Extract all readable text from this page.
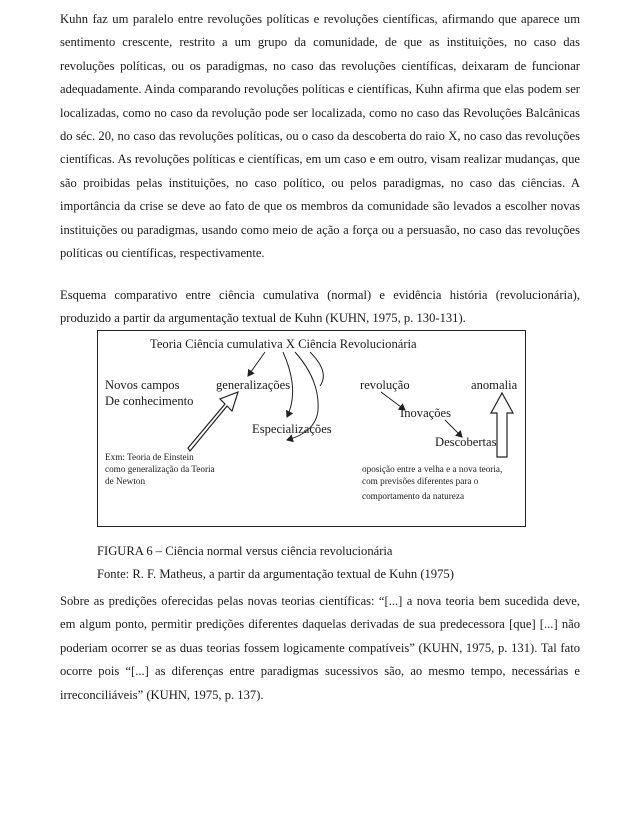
Kuhn faz um paralelo entre revoluções políticas e revoluções científicas, afirmando que aparece um sentimento crescente, restrito a um grupo da comunidade, de que as instituições, no caso das revoluções políticas, ou os paradigmas, no caso das revoluções científicas, deixaram de funcionar adequadamente. Ainda comparando revoluções políticas e científicas, Kuhn afirma que elas podem ser localizadas, como no caso da revolução pode ser localizada, como no caso das Revoluções Balcânicas do séc. 20, no caso das revoluções políticas, ou o caso da descoberta do raio X, no caso das revoluções científicas. As revoluções políticas e científicas, em um caso e em outro, visam realizar mudanças, que são proibidas pelas instituições, no caso político, ou pelos paradigmas, no caso das ciências. A importância da crise se deve ao fato de que os membros da comunidade são levados a escolher novas instituições ou paradigmas, usando como meio de ação a força ou a persuasão, no caso das revoluções políticas ou científicas, respectivamente.

Esquema comparativo entre ciência cumulativa (normal) e evidência história (revolucionária), produzido a partir da argumentação textual de Kuhn (KUHN, 1975, p. 130-131).

Teoria Ciência cumulativa X Ciência Revolucionária
Novos campos
De conhecimento
generalizações
Especializações
revolução	anomalia
Inovações
Descobertas
Exm: Teoria de Einstein
como generalização da Teoria
de Newton
oposição entre a velha e a nova teoria,
com previsões diferentes para o
comportamento da natureza
FIGURA 6 – Ciência normal versus ciência revolucionária
Fonte: R. F. Matheus, a partir da argumentação textual de Kuhn (1975)

Sobre as predições oferecidas pelas novas teorias científicas: “[...] a nova teoria bem sucedida deve, em algum ponto, permitir predições diferentes daquelas derivadas de sua predecessora [que] [...] não poderiam ocorrer se as duas teorias fossem logicamente compatíveis” (KUHN, 1975, p. 131). Tal fato ocorre pois “[...] as diferenças entre paradigmas sucessivos são, ao mesmo tempo, necessárias e irreconciliáveis” (KUHN, 1975, p. 137).
